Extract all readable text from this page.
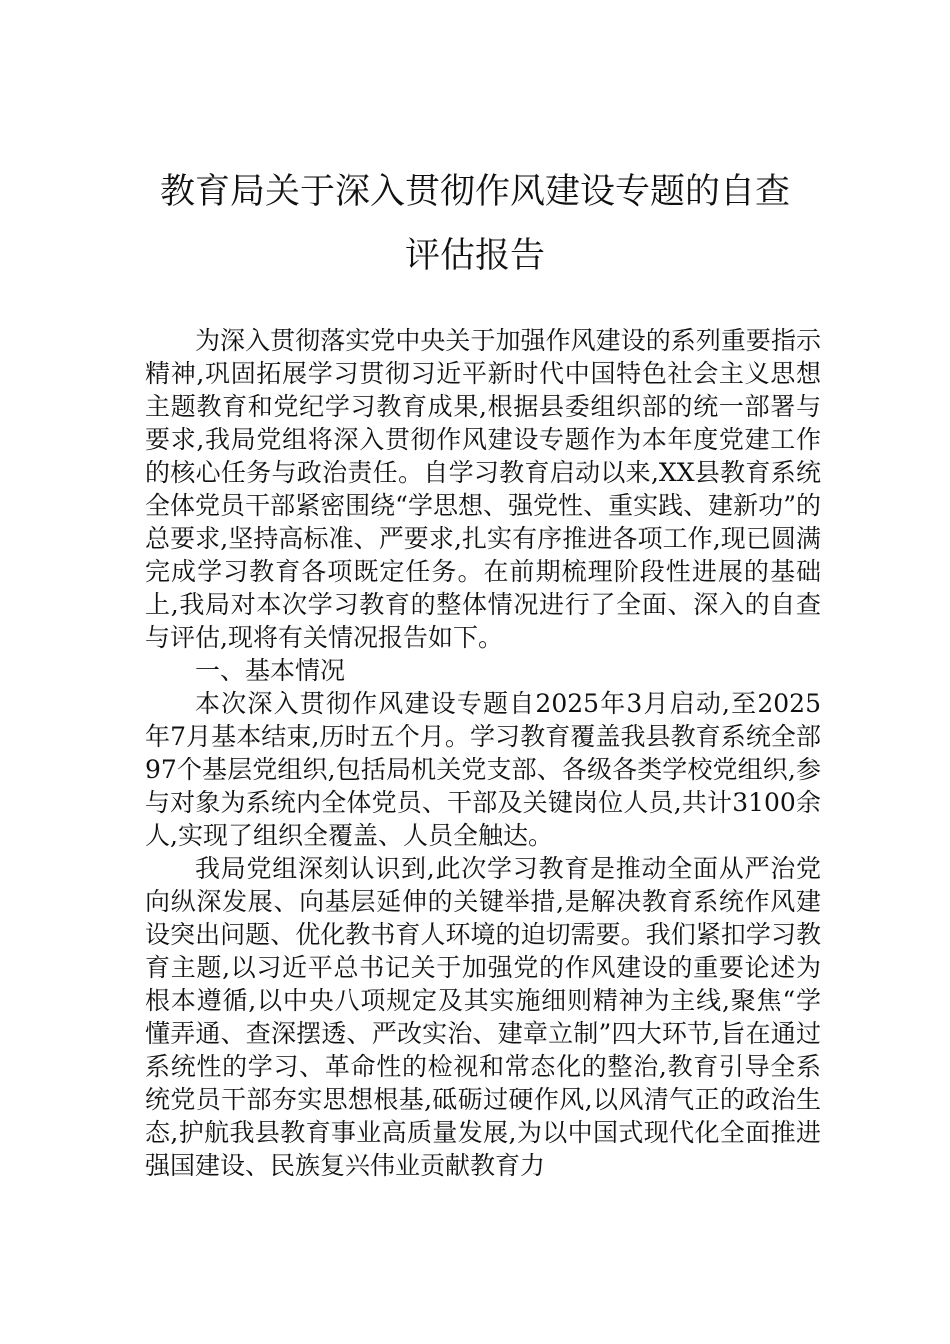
教育局关于深入贯彻作风建设专题的自查
评估报告

为深入贯彻落实党中央关于加强作风建设的系列重要指示精神,巩固拓展学习贯彻习近平新时代中国特色社会主义思想主题教育和党纪学习教育成果,根据县委组织部的统一部署与要求,我局党组将深入贯彻作风建设专题作为本年度党建工作的核心任务与政治责任。自学习教育启动以来,XX县教育系统全体党员干部紧密围绕“学思想、强党性、重实践、建新功”的总要求,坚持高标准、严要求,扎实有序推进各项工作,现已圆满完成学习教育各项既定任务。在前期梳理阶段性进展的基础上,我局对本次学习教育的整体情况进行了全面、深入的自查与评估,现将有关情况报告如下。

一、基本情况

本次深入贯彻作风建设专题自2025年3月启动,至2025年7月基本结束,历时五个月。学习教育覆盖我县教育系统全部97个基层党组织,包括局机关党支部、各级各类学校党组织,参与对象为系统内全体党员、干部及关键岗位人员,共计3100余人,实现了组织全覆盖、人员全触达。

我局党组深刻认识到,此次学习教育是推动全面从严治党向纵深发展、向基层延伸的关键举措,是解决教育系统作风建设突出问题、优化教书育人环境的迫切需要。我们紧扣学习教育主题,以习近平总书记关于加强党的作风建设的重要论述为根本遵循,以中央八项规定及其实施细则精神为主线,聚焦“学懂弄通、查深摆透、严改实治、建章立制”四大环节,旨在通过系统性的学习、革命性的检视和常态化的整治,教育引导全系统党员干部夯实思想根基,砥砺过硬作风,以风清气正的政治生态,护航我县教育事业高质量发展,为以中国式现代化全面推进强国建设、民族复兴伟业贡献教育力
